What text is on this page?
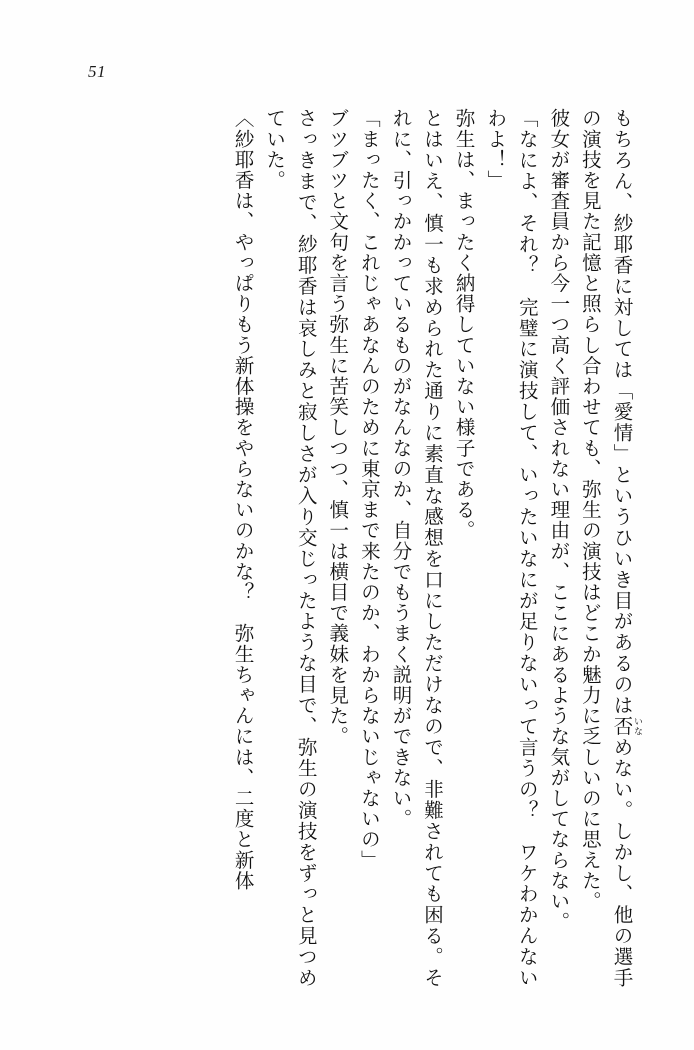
51

もちろん、紗耶香に対しては「愛情」というひいき目があるのは否いなめない。しかし、他の選手の演技を見た記憶と照らし合わせても、弥生の演技はどこか魅力に乏しいのに思えた。

彼女が審査員から今一つ高く評価されない理由が、ここにあるような気がしてならない。

「なによ、それ？　完璧に演技して、いったいなにが足りないって言うの？　ワケわかんないわよ！」

弥生は、まったく納得していない様子である。

とはいえ、慎一も求められた通りに素直な感想を口にしただけなので、非難されても困る。それに、引っかかっているものがなんなのか、自分でもうまく説明ができない。

「まったく、これじゃあなんのために東京まで来たのか、わからないじゃないの」

ブツブツと文句を言う弥生に苦笑しつつ、慎一は横目で義妹を見た。

さっきまで、紗耶香は哀しみと寂しさが入り交じったような目で、弥生の演技をずっと見つめていた。

〈紗耶香は、やっぱりもう新体操をやらないのかな？　弥生ちゃんには、二度と新体
